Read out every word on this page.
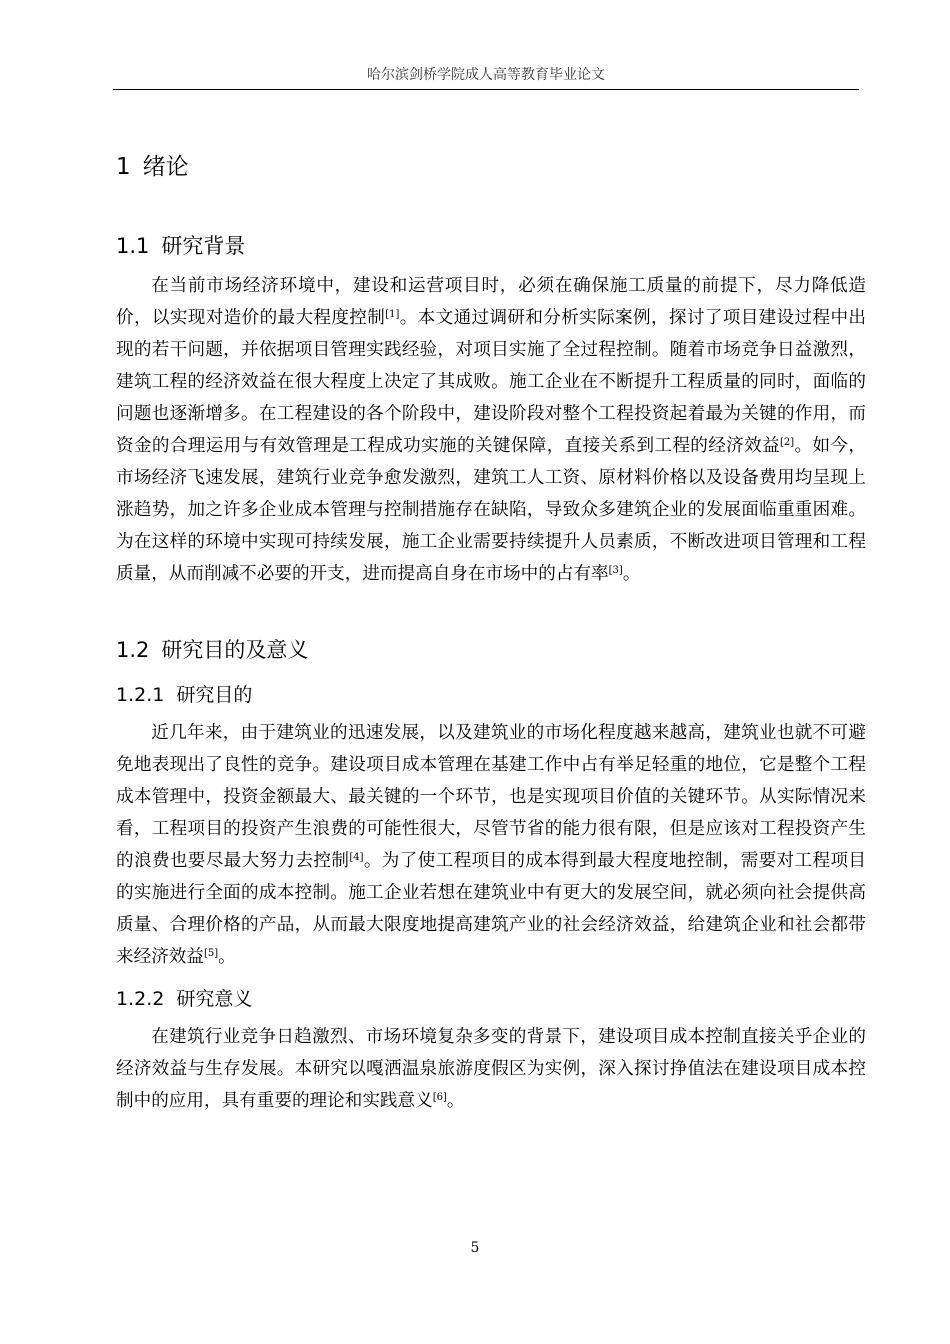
哈尔滨剑桥学院成人高等教育毕业论文
1 绪论
1.1 研究背景

在当前市场经济环境中，建设和运营项目时，必须在确保施工质量的前提下，尽力降低造价，以实现对造价的最大程度控制[1]。本文通过调研和分析实际案例，探讨了项目建设过程中出现的若干问题，并依据项目管理实践经验，对项目实施了全过程控制。随着市场竞争日益激烈，建筑工程的经济效益在很大程度上决定了其成败。施工企业在不断提升工程质量的同时，面临的问题也逐渐增多。在工程建设的各个阶段中，建设阶段对整个工程投资起着最为关键的作用，而资金的合理运用与有效管理是工程成功实施的关键保障，直接关系到工程的经济效益[2]。如今，市场经济飞速发展，建筑行业竞争愈发激烈，建筑工人工资、原材料价格以及设备费用均呈现上涨趋势，加之许多企业成本管理与控制措施存在缺陷，导致众多建筑企业的发展面临重重困难。为在这样的环境中实现可持续发展，施工企业需要持续提升人员素质，不断改进项目管理和工程质量，从而削减不必要的开支，进而提高自身在市场中的占有率[3]。

1.2 研究目的及意义
1.2.1 研究目的

近几年来，由于建筑业的迅速发展，以及建筑业的市场化程度越来越高，建筑业也就不可避免地表现出了良性的竞争。建设项目成本管理在基建工作中占有举足轻重的地位，它是整个工程成本管理中，投资金额最大、最关键的一个环节，也是实现项目价值的关键环节。从实际情况来看，工程项目的投资产生浪费的可能性很大，尽管节省的能力很有限，但是应该对工程投资产生的浪费也要尽最大努力去控制[4]。为了使工程项目的成本得到最大程度地控制，需要对工程项目的实施进行全面的成本控制。施工企业若想在建筑业中有更大的发展空间，就必须向社会提供高质量、合理价格的产品，从而最大限度地提高建筑产业的社会经济效益，给建筑企业和社会都带来经济效益[5]。

1.2.2 研究意义

在建筑行业竞争日趋激烈、市场环境复杂多变的背景下，建设项目成本控制直接关乎企业的经济效益与生存发展。本研究以嘎洒温泉旅游度假区为实例，深入探讨挣值法在建设项目成本控制中的应用，具有重要的理论和实践意义[6]。

5
